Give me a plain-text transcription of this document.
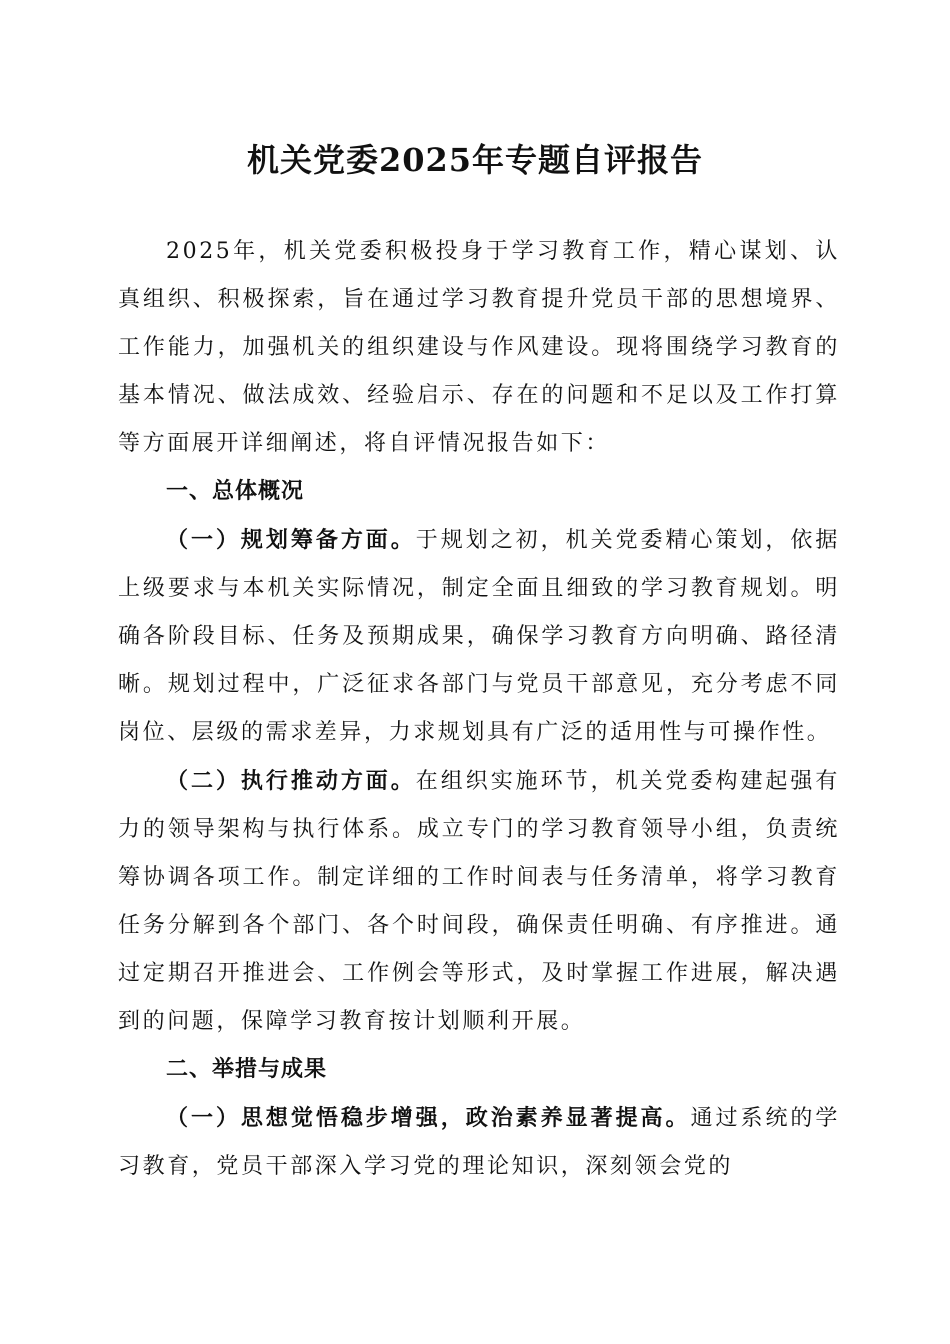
机关党委2025年专题自评报告

2025年，机关党委积极投身于学习教育工作，精心谋划、认真组织、积极探索，旨在通过学习教育提升党员干部的思想境界、工作能力，加强机关的组织建设与作风建设。现将围绕学习教育的基本情况、做法成效、经验启示、存在的问题和不足以及工作打算等方面展开详细阐述，将自评情况报告如下：

一、总体概况

（一）规划筹备方面。于规划之初，机关党委精心策划，依据上级要求与本机关实际情况，制定全面且细致的学习教育规划。明确各阶段目标、任务及预期成果，确保学习教育方向明确、路径清晰。规划过程中，广泛征求各部门与党员干部意见，充分考虑不同岗位、层级的需求差异，力求规划具有广泛的适用性与可操作性。

（二）执行推动方面。在组织实施环节，机关党委构建起强有力的领导架构与执行体系。成立专门的学习教育领导小组，负责统筹协调各项工作。制定详细的工作时间表与任务清单，将学习教育任务分解到各个部门、各个时间段，确保责任明确、有序推进。通过定期召开推进会、工作例会等形式，及时掌握工作进展，解决遇到的问题，保障学习教育按计划顺利开展。

二、举措与成果

（一）思想觉悟稳步增强，政治素养显著提高。通过系统的学习教育，党员干部深入学习党的理论知识，深刻领会党的
